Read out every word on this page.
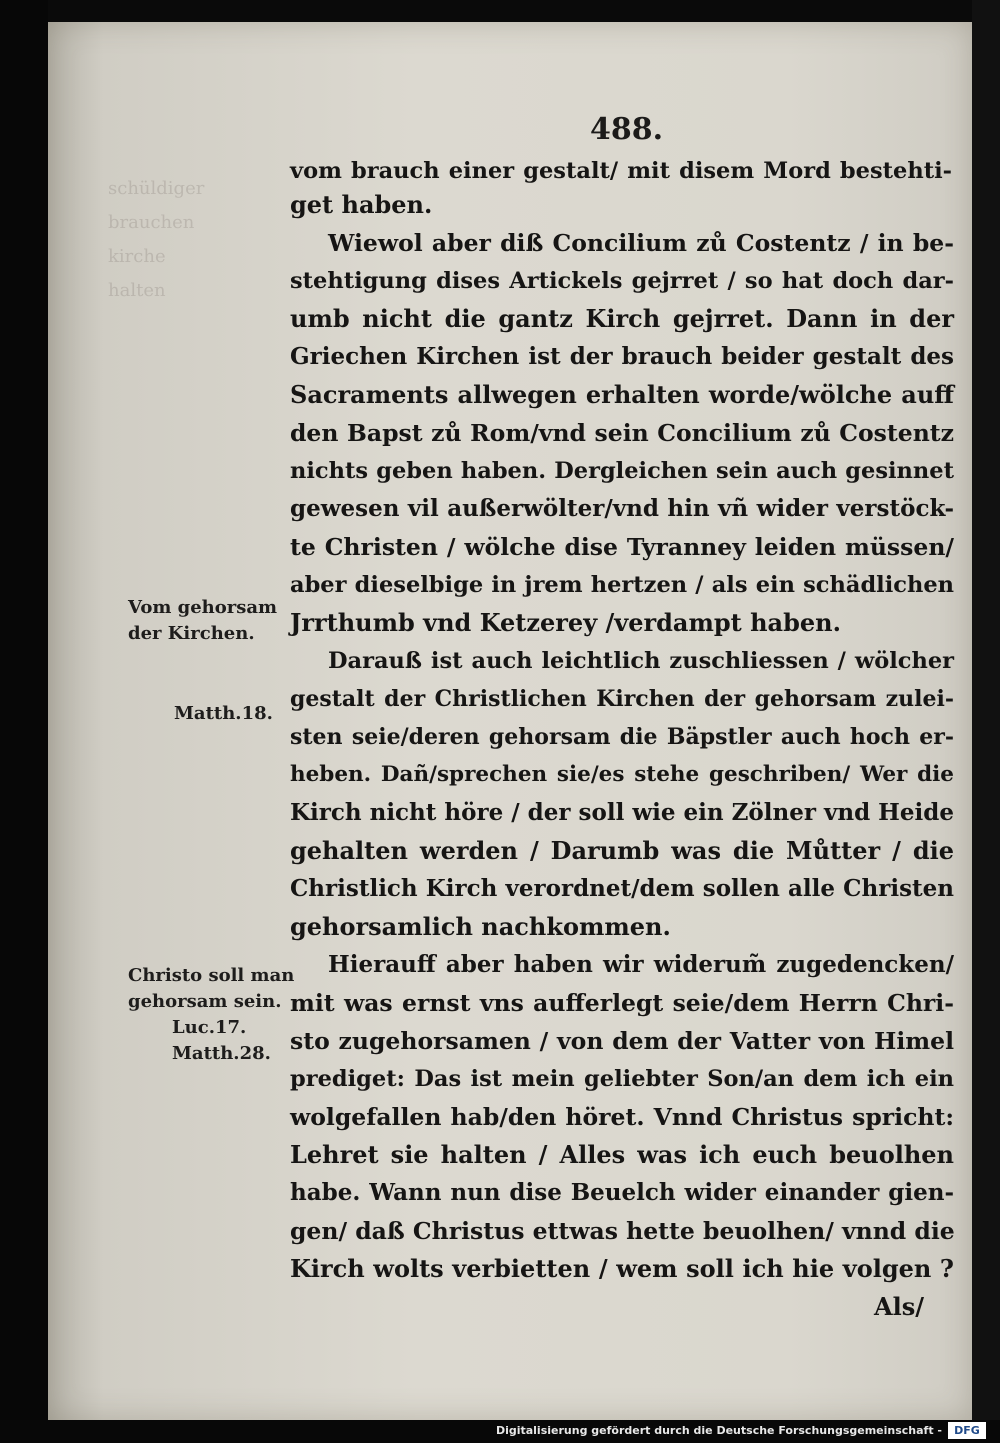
schüldiger
brauchen
kirche
halten
488.
vom brauch einer gestalt/ mit disem Mord bestehti-
get haben.
Wiewol aber diß Concilium zů Costentz / in be-
stehtigung dises Artickels gejrret / so hat doch dar-
umb nicht die gantz Kirch gejrret. Dann in der
Griechen Kirchen ist der brauch beider gestalt des
Sacraments allwegen erhalten worde/wölche auff
den Bapst zů Rom/vnd sein Concilium zů Costentz
nichts geben haben. Dergleichen sein auch gesinnet
gewesen vil außerwölter/vnd hin vñ wider verstöck-
te Christen / wölche dise Tyranney leiden müssen/
aber dieselbige in jrem hertzen / als ein schädlichen
Jrrthumb vnd Ketzerey /verdampt haben.
Darauß ist auch leichtlich zuschliessen / wölcher
gestalt der Christlichen Kirchen der gehorsam zulei-
sten seie/deren gehorsam die Bäpstler auch hoch er-
heben. Dañ/sprechen sie/es stehe geschriben/ Wer die
Kirch nicht höre / der soll wie ein Zölner vnd Heide
gehalten werden / Darumb was die Můtter / die
Christlich Kirch verordnet/dem sollen alle Christen
gehorsamlich nachkommen.
Hierauff aber haben wir widerum̃ zugedencken/
mit was ernst vns aufferlegt seie/dem Herrn Chri-
sto zugehorsamen / von dem der Vatter von Himel
prediget: Das ist mein geliebter Son/an dem ich ein
wolgefallen hab/den höret. Vnnd Christus spricht:
Lehret sie halten / Alles was ich euch beuolhen
habe. Wann nun dise Beuelch wider einander gien-
gen/ daß Christus ettwas hette beuolhen/ vnnd die
Kirch wolts verbietten / wem soll ich hie volgen ?
Als/
Vom gehorsam
der Kirchen.
Matth.18.
Christo soll man
gehorsam sein.
Luc.17.
Matth.28.
Digitalisierung gefördert durch die Deutsche Forschungsgemeinschaft -	DFG
